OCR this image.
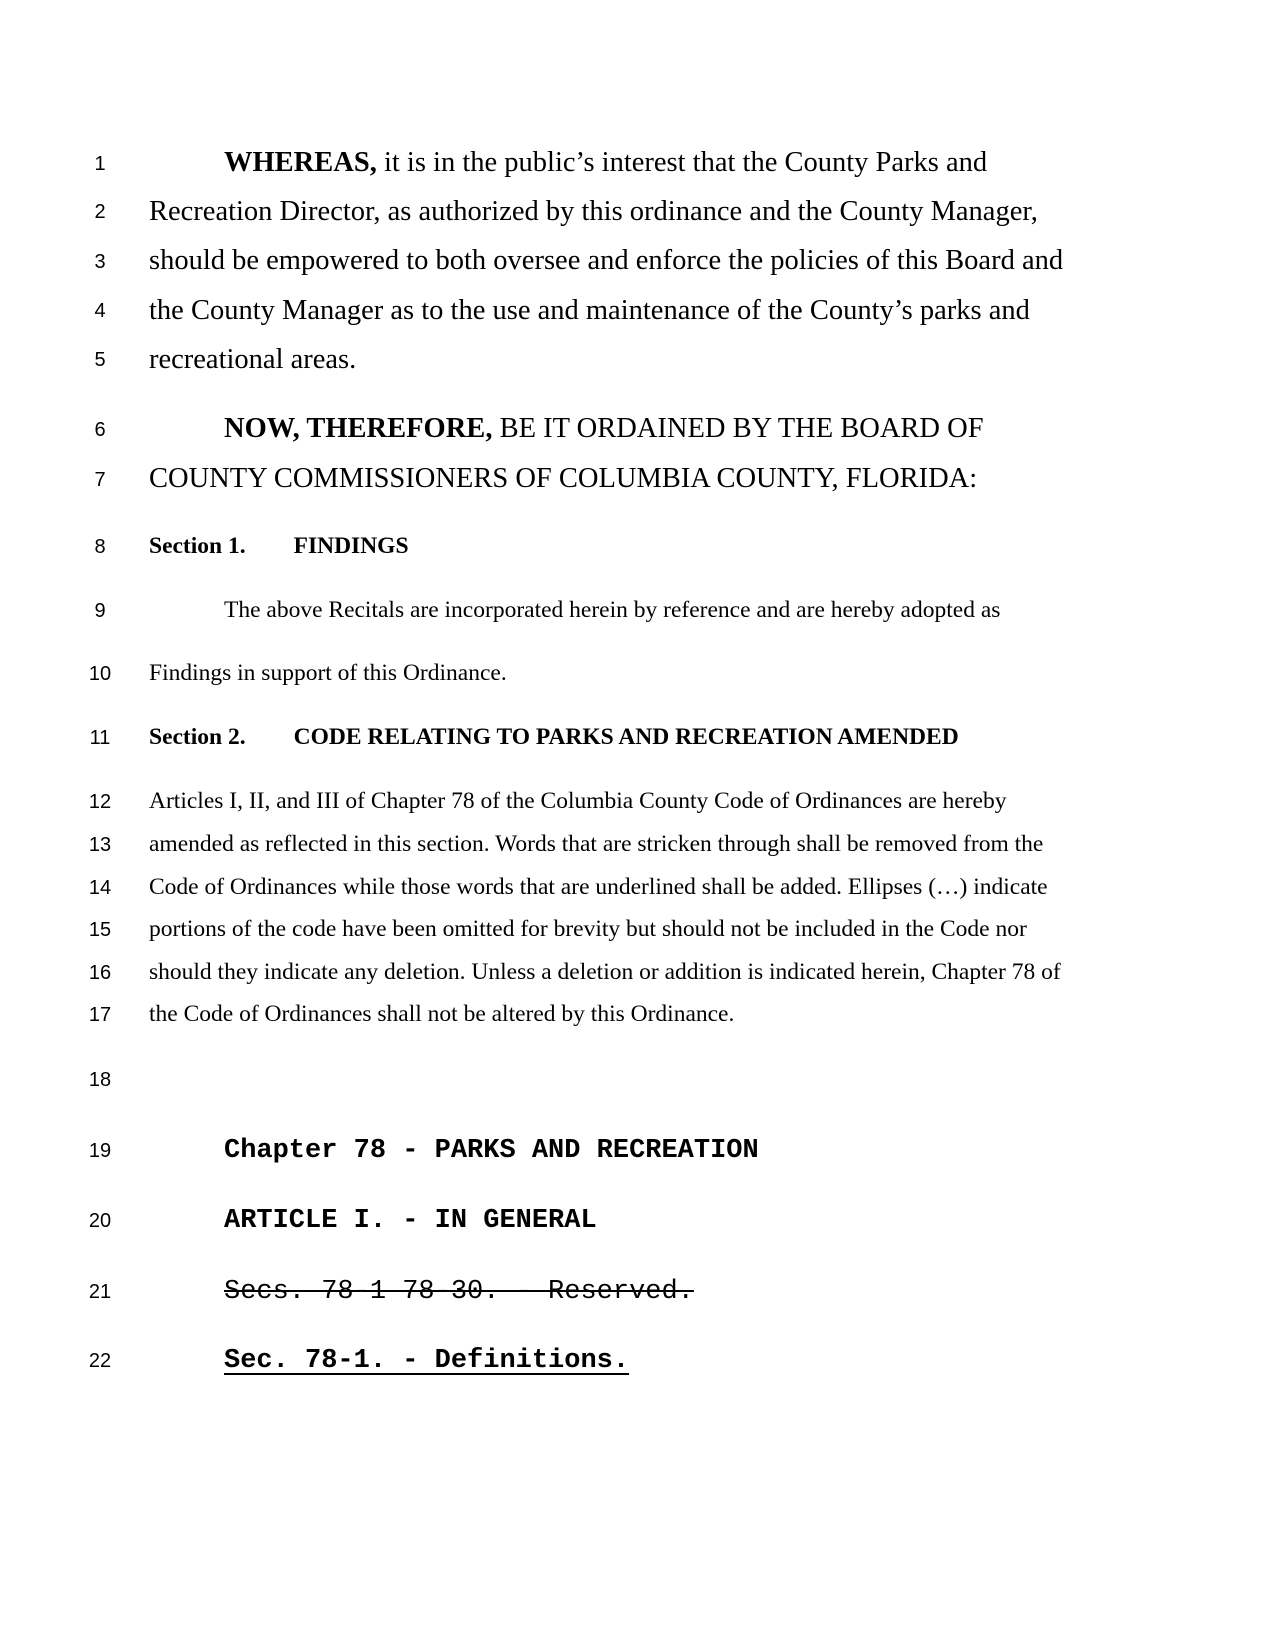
1
2
3
4
5
6
7
8
9
10
11
12
13
14
15
16
17
18
19
20
21
22
WHEREAS, it is in the public’s interest that the County Parks and
Recreation Director, as authorized by this ordinance and the County Manager,
should be empowered to both oversee and enforce the policies of this Board and
the County Manager as to the use and maintenance of the County’s parks and
recreational areas.
NOW, THEREFORE, BE IT ORDAINED BY THE BOARD OF
COUNTY COMMISSIONERS OF COLUMBIA COUNTY, FLORIDA:
Section 1. FINDINGS
The above Recitals are incorporated herein by reference and are hereby adopted as
Findings in support of this Ordinance.
Section 2. CODE RELATING TO PARKS AND RECREATION AMENDED
Articles I, II, and III of Chapter 78 of the Columbia County Code of Ordinances are hereby
amended as reflected in this section. Words that are stricken through shall be removed from the
Code of Ordinances while those words that are underlined shall be added. Ellipses (…) indicate
portions of the code have been omitted for brevity but should not be included in the Code nor
should they indicate any deletion. Unless a deletion or addition is indicated herein, Chapter 78 of
the Code of Ordinances shall not be altered by this Ordinance.
Chapter 78 - PARKS AND RECREATION
ARTICLE I. - IN GENERAL
Secs. 78-1—78-30. - Reserved.
Sec. 78-1. - Definitions.
